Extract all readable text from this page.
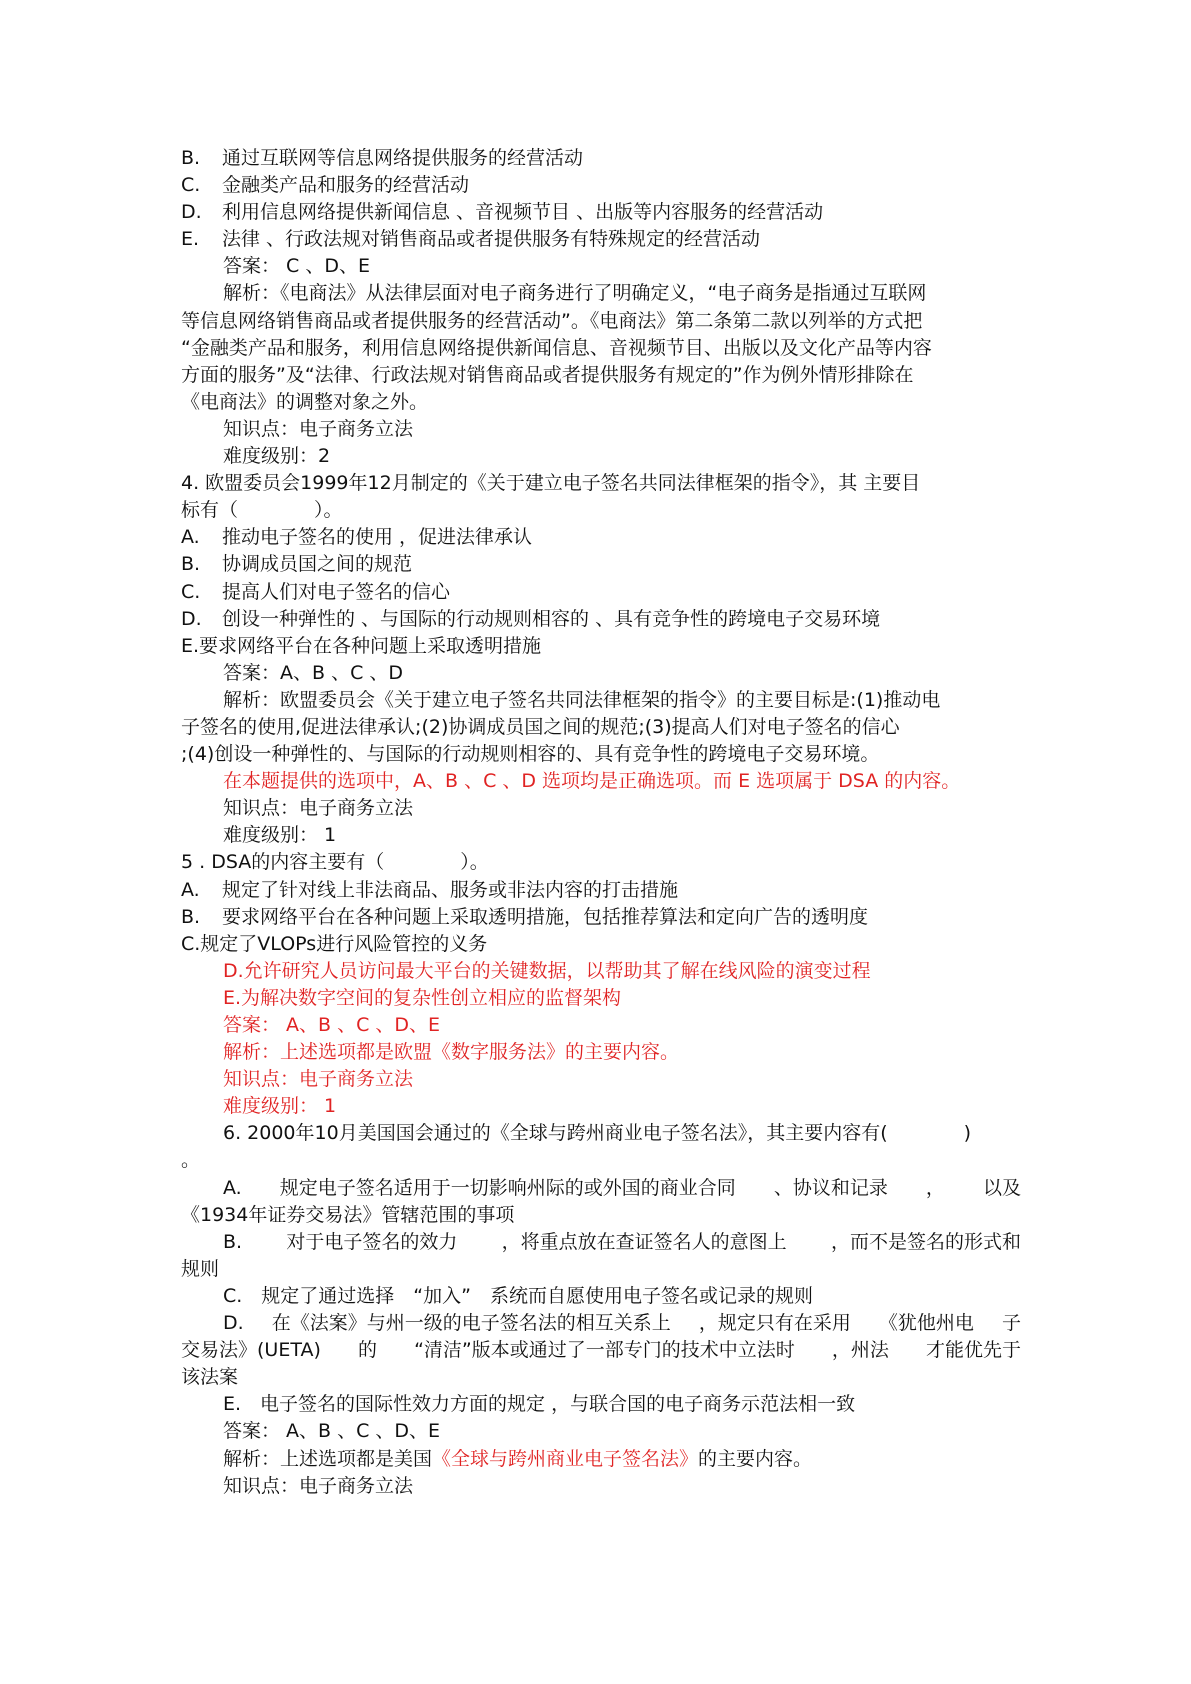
B. 通过互联网等信息网络提供服务的经营活动
C. 金融类产品和服务的经营活动
D. 利用信息网络提供新闻信息 、音视频节目 、出版等内容服务的经营活动
E. 法律 、行政法规对销售商品或者提供服务有特殊规定的经营活动
答案： C 、D、E
解析：《电商法》从法律层面对电子商务进行了明确定义，“电子商务是指通过互联网
等信息网络销售商品或者提供服务的经营活动”。《电商法》第二条第二款以列举的方式把
“金融类产品和服务，利用信息网络提供新闻信息、音视频节目、出版以及文化产品等内容
方面的服务”及“法律、行政法规对销售商品或者提供服务有规定的”作为例外情形排除在
《电商法》的调整对象之外。
知识点：电子商务立法
难度级别：2
4. 欧盟委员会1999年12月制定的《关于建立电子签名共同法律框架的指令》，其 主要目
标有（　　　　）。
A. 推动电子签名的使用 ，促进法律承认
B. 协调成员国之间的规范
C. 提高人们对电子签名的信心
D. 创设一种弹性的 、与国际的行动规则相容的 、具有竞争性的跨境电子交易环境
E.要求网络平台在各种问题上采取透明措施
答案：A、B 、C 、D
解析：欧盟委员会《关于建立电子签名共同法律框架的指令》的主要目标是:(1)推动电
子签名的使用,促进法律承认;(2)协调成员国之间的规范;(3)提高人们对电子签名的信心
;(4)创设一种弹性的、与国际的行动规则相容的、具有竞争性的跨境电子交易环境。
在本题提供的选项中，A、B 、C 、D 选项均是正确选项。而 E 选项属于 DSA 的内容。
知识点：电子商务立法
难度级别： 1
5 . DSA的内容主要有（　　　　）。
A. 规定了针对线上非法商品、服务或非法内容的打击措施
B. 要求网络平台在各种问题上采取透明措施，包括推荐算法和定向广告的透明度
C.规定了VLOPs进行风险管控的义务
D.允许研究人员访问最大平台的关键数据，以帮助其了解在线风险的演变过程
E.为解决数字空间的复杂性创立相应的监督架构
答案： A、B 、C 、D、E
解析：上述选项都是欧盟《数字服务法》的主要内容。
知识点：电子商务立法
难度级别： 1
6. 2000年10月美国国会通过的《全球与跨州商业电子签名法》，其主要内容有(　　　　)
。
A. 规定电子签名适用于一切影响州际的或外国的商业合同 、协议和记录 ， 以及
《1934年证券交易法》管辖范围的事项
B. 对于电子签名的效力 ，将重点放在查证签名人的意图上 ，而不是签名的形式和
规则
C.　规定了通过选择　“加入”　系统而自愿使用电子签名或记录的规则
D. 在《法案》与州一级的电子签名法的相互关系上 ，规定只有在采用 《犹他州电 子
交易法》(UETA) 的 “清洁”版本或通过了一部专门的技术中立法时 ，州法 才能优先于
该法案
E.　电子签名的国际性效力方面的规定 ，与联合国的电子商务示范法相一致
答案： A、B 、C 、D、E
解析：上述选项都是美国《全球与跨州商业电子签名法》的主要内容。
知识点：电子商务立法
